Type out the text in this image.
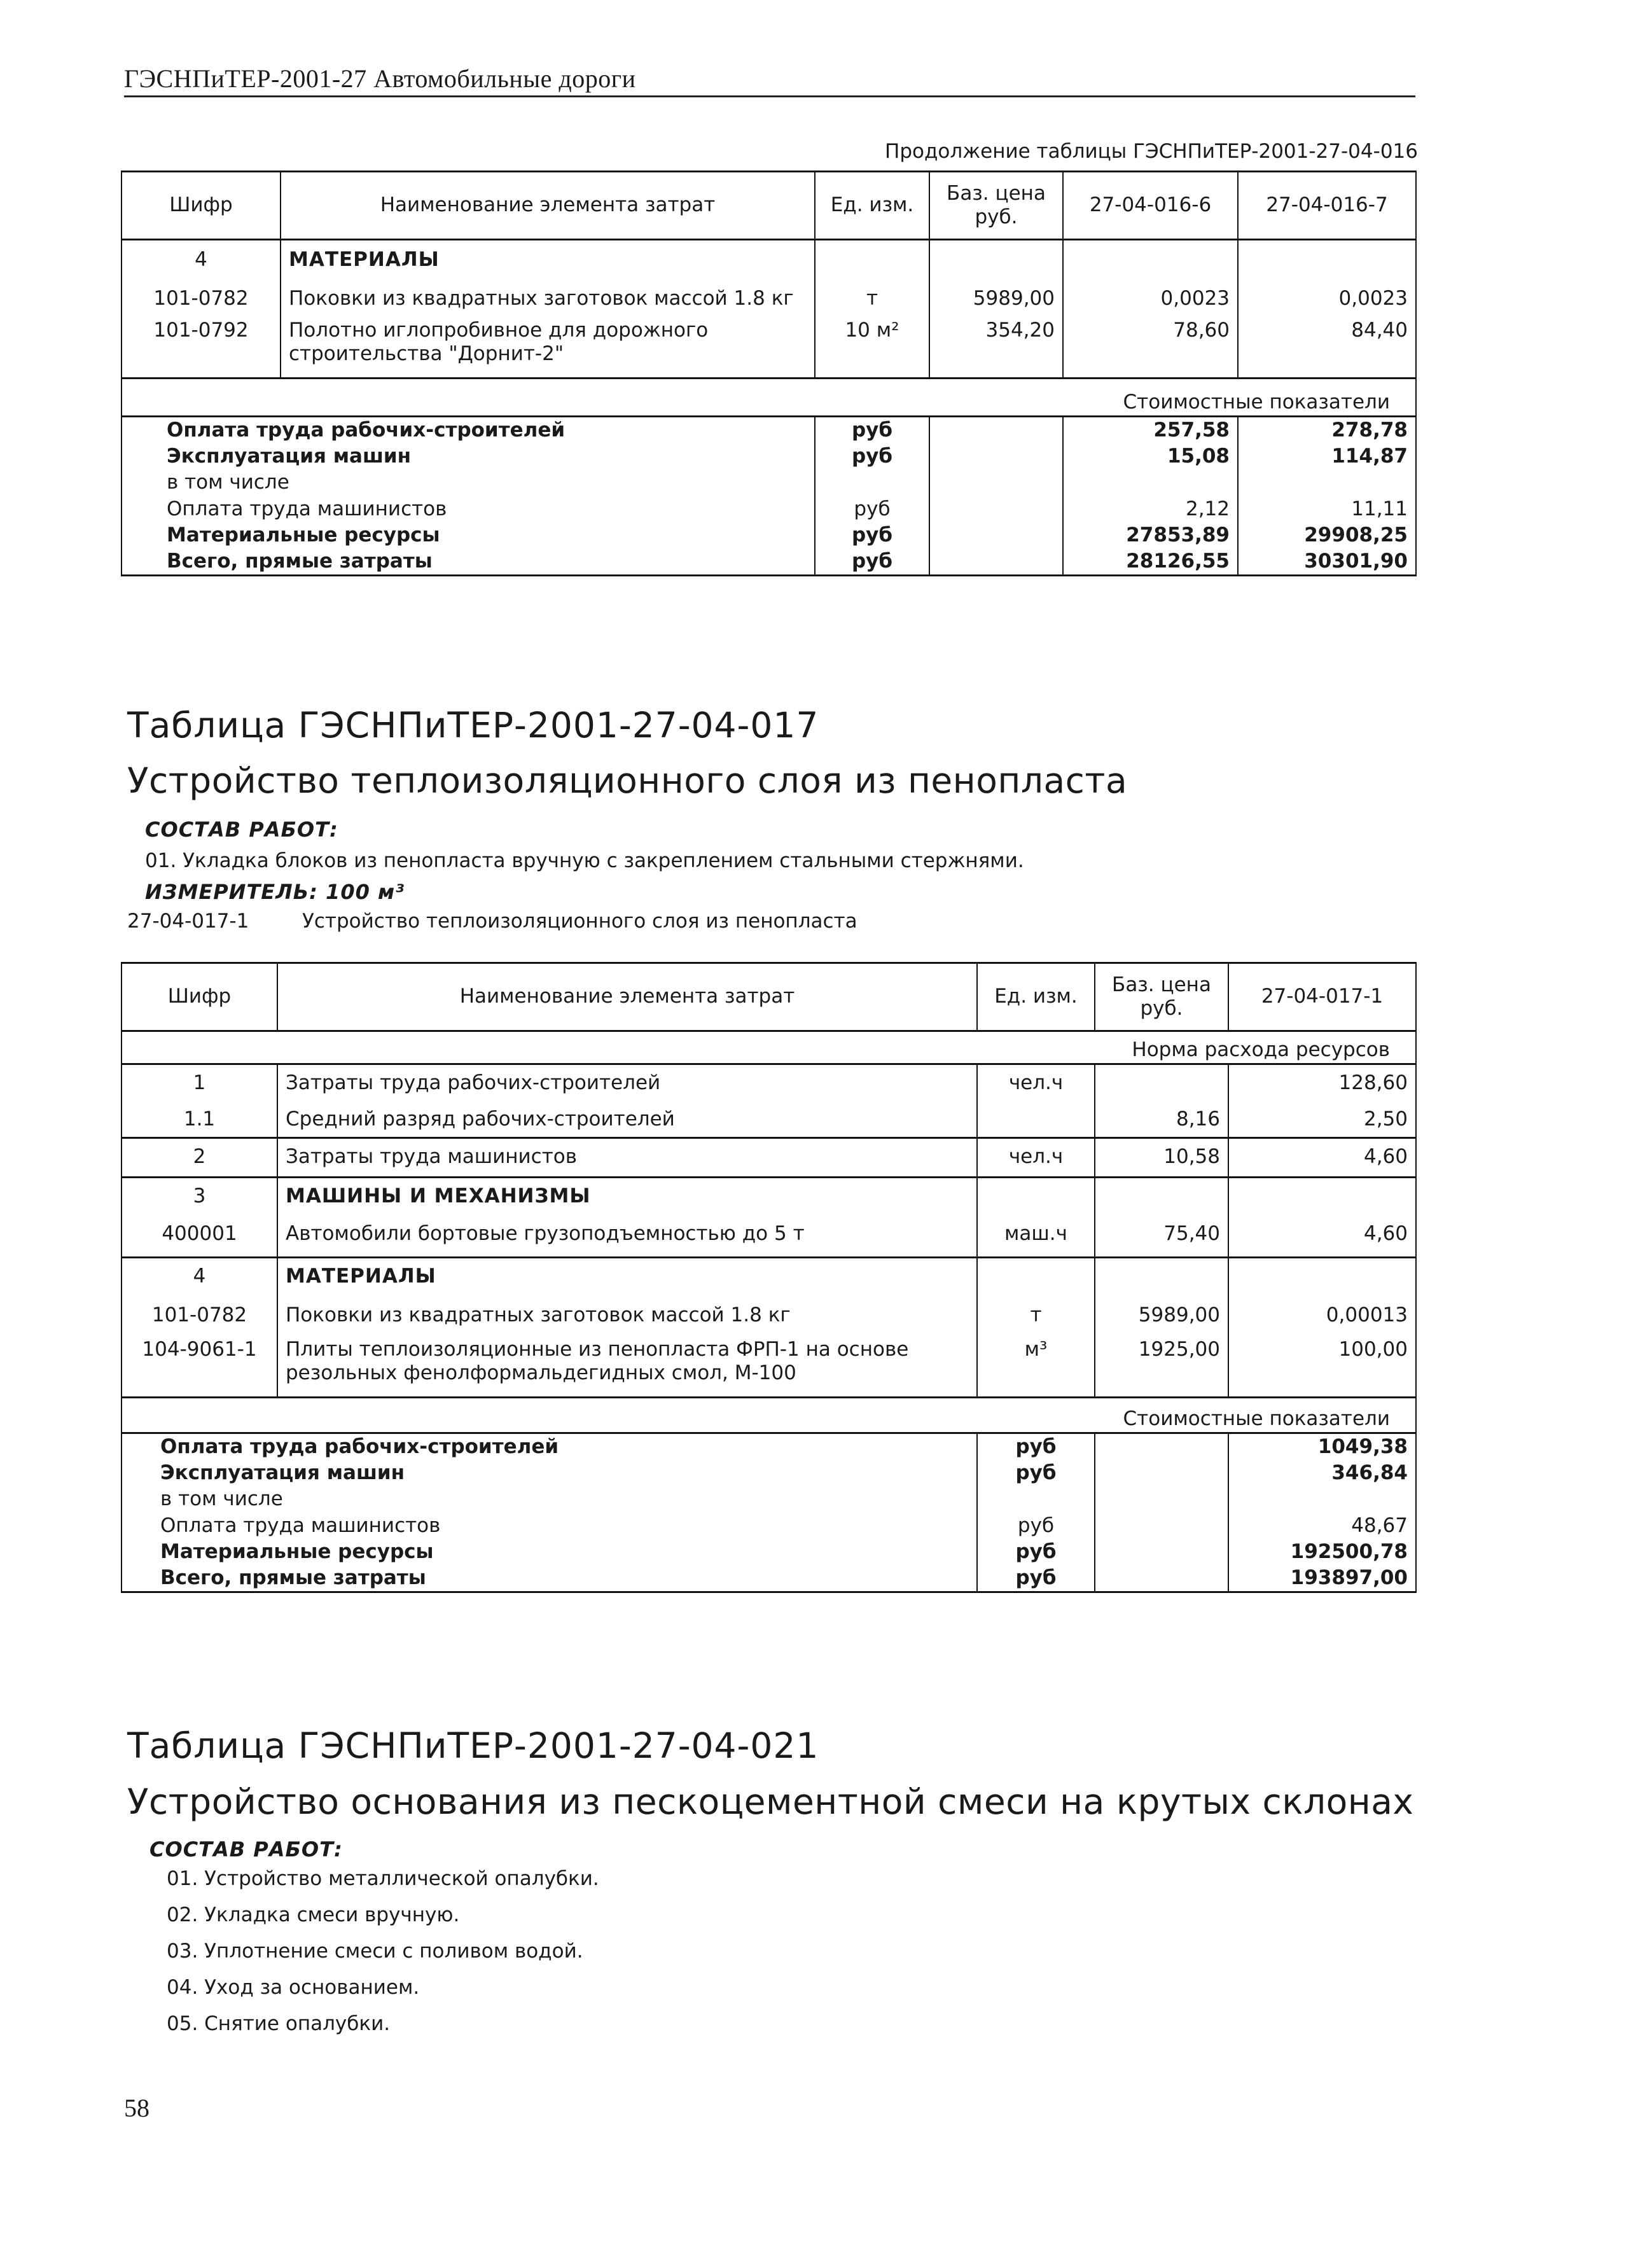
ГЭСНПиТЕР-2001-27 Автомобильные дороги
Продолжение таблицы ГЭСНПиТЕР-2001-27-04-016
Шифр	Наименование элемента затрат	Ед. изм.	Баз. цена руб.	27-04-016-6	27-04-016-7
4	МАТЕРИАЛЫ				
101-0782	Поковки из квадратных заготовок массой 1.8 кг	т	5989,00	0,0023	0,0023
101-0792	Полотно иглопробивное для дорожного строительства "Дорнит-2"	10 м²	354,20	78,60	84,40
Стоимостные показатели					
Оплата труда рабочих-строителей		руб		257,58	278,78
Эксплуатация машин		руб		15,08	114,87
в том числе					
Оплата труда машинистов		руб		2,12	11,11
Материальные ресурсы		руб		27853,89	29908,25
Всего, прямые затраты		руб		28126,55	30301,90
Таблица ГЭСНПиТЕР-2001-27-04-017
Устройство теплоизоляционного слоя из пенопласта
СОСТАВ РАБОТ:
01. Укладка блоков из пенопласта вручную с закреплением стальными стержнями.
ИЗМЕРИТЕЛЬ: 100 м³
27-04-017-1	Устройство теплоизоляционного слоя из пенопласта
Шифр	Наименование элемента затрат	Ед. изм.	Баз. цена руб.	27-04-017-1
Норма расхода ресурсов				
1	Затраты труда рабочих-строителей	чел.ч		128,60
1.1	Средний разряд рабочих-строителей		8,16	2,50
2	Затраты труда машинистов	чел.ч	10,58	4,60
3	МАШИНЫ И МЕХАНИЗМЫ			
400001	Автомобили бортовые грузоподъемностью до 5 т	маш.ч	75,40	4,60
4	МАТЕРИАЛЫ			
101-0782	Поковки из квадратных заготовок массой 1.8 кг	т	5989,00	0,00013
104-9061-1	Плиты теплоизоляционные из пенопласта ФРП-1 на основе резольных фенолформальдегидных смол, М-100	м³	1925,00	100,00
Стоимостные показатели				
Оплата труда рабочих-строителей		руб		1049,38
Эксплуатация машин		руб		346,84
в том числе				
Оплата труда машинистов		руб		48,67
Материальные ресурсы		руб		192500,78
Всего, прямые затраты		руб		193897,00
Таблица ГЭСНПиТЕР-2001-27-04-021
Устройство основания из пескоцементной смеси на крутых склонах
СОСТАВ РАБОТ:
01. Устройство металлической опалубки.
02. Укладка смеси вручную.
03. Уплотнение смеси с поливом водой.
04. Уход за основанием.
05. Снятие опалубки.
58
